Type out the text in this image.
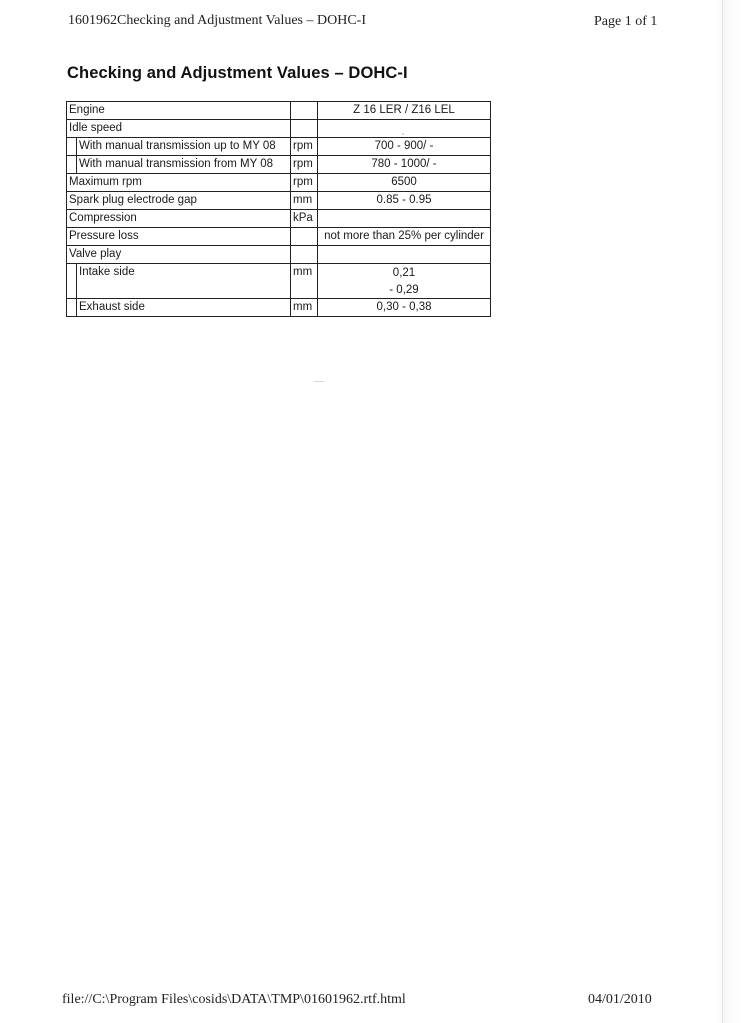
1601962Checking and Adjustment Values – DOHC-I	Page 1 of 1
Checking and Adjustment Values – DOHC-I
Engine		Z 16 LER / Z16 LEL
Idle speed		

With manual transmission up to MY 08	rpm	700 - 900/ -

With manual transmission from MY 08	rpm	780 - 1000/ -
Maximum rpm	rpm	6500
Spark plug electrode gap	mm	0.85 - 0.95
Compression	kPa	
Pressure loss		not more than 25% per cylinder
Valve play		

Intake side	mm	0,21
- 0,29

Exhaust side	mm	0,30 - 0,38
file://C:\Program Files\cosids\DATA\TMP\01601962.rtf.html	04/01/2010
